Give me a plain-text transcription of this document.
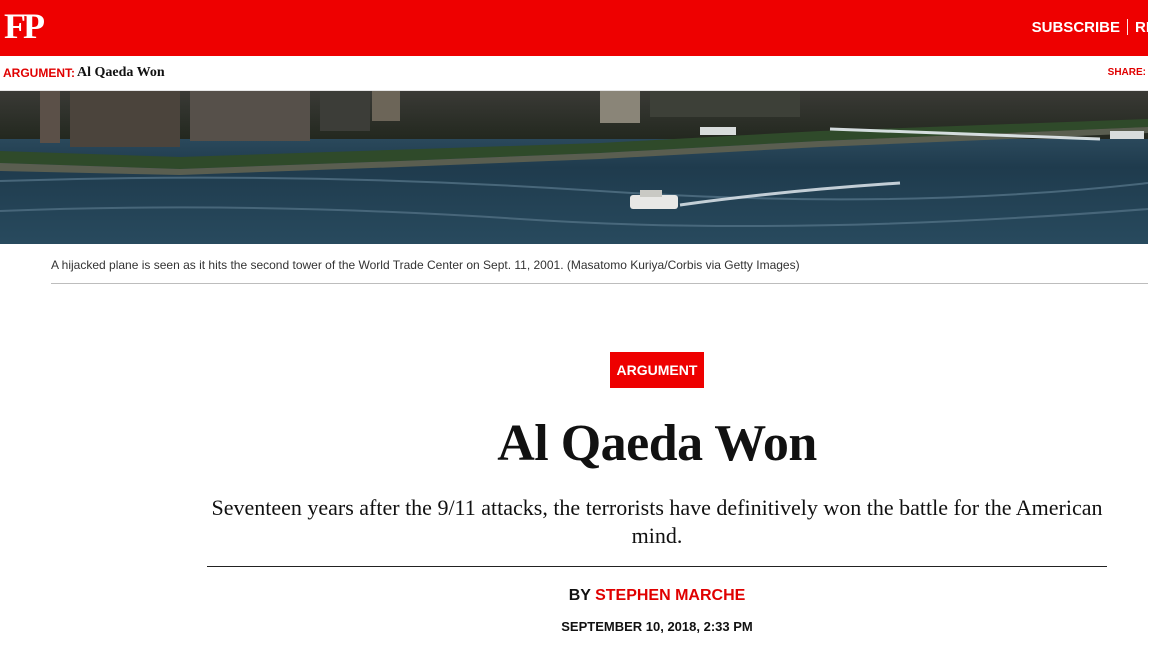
FP	SUBSCRIBE RE
ARGUMENT: Al Qaeda Won	SHARE:
A hijacked plane is seen as it hits the second tower of the World Trade Center on Sept. 11, 2001. (Masatomo Kuriya/Corbis via Getty Images)
ARGUMENT
Al Qaeda Won

Seventeen years after the 9/11 attacks, the terrorists have definitively won the battle for the American mind.

BY STEPHEN MARCHE
SEPTEMBER 10, 2018, 2:33 PM
